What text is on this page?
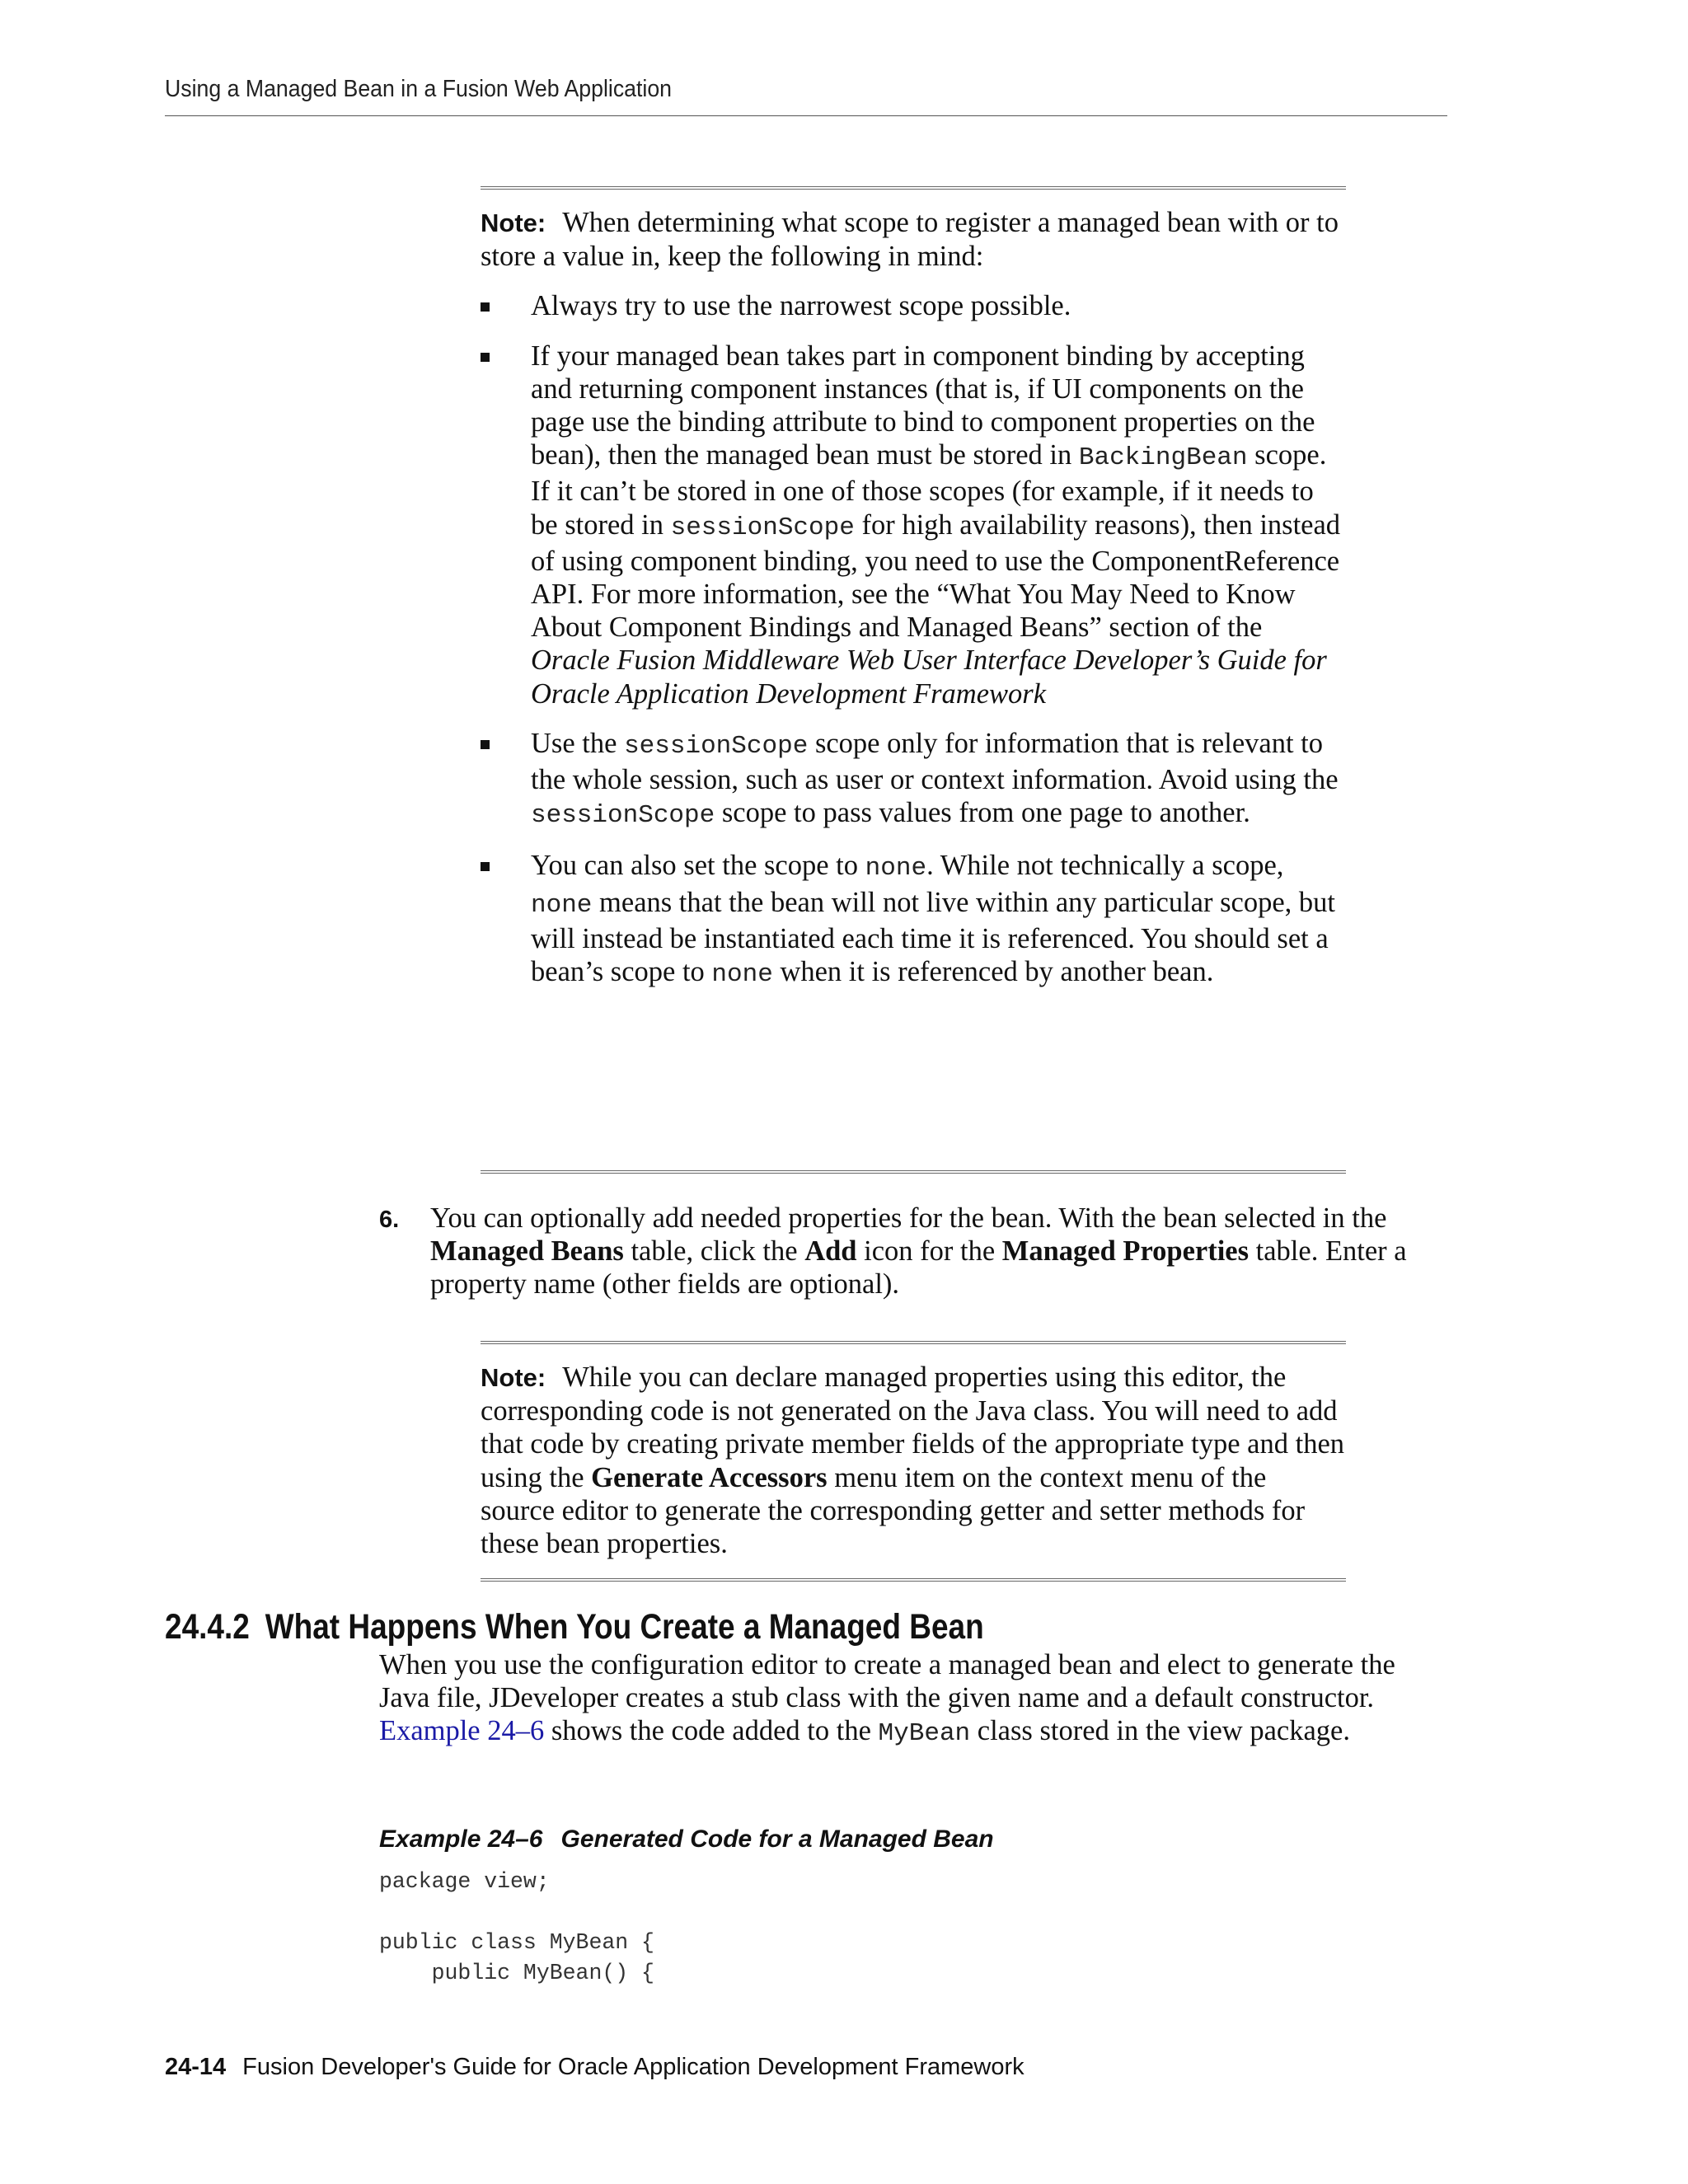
Using a Managed Bean in a Fusion Web Application

Note: When determining what scope to register a managed bean with or to store a value in, keep the following in mind:

Always try to use the narrowest scope possible.
If your managed bean takes part in component binding by accepting and returning component instances (that is, if UI components on the page use the binding attribute to bind to component properties on the bean), then the managed bean must be stored in BackingBean scope. If it can’t be stored in one of those scopes (for example, if it needs to be stored in sessionScope for high availability reasons), then instead of using component binding, you need to use the ComponentReference API. For more information, see the “What You May Need to Know About Component Bindings and Managed Beans” section of the Oracle Fusion Middleware Web User Interface Developer’s Guide for Oracle Application Development Framework
Use the sessionScope scope only for information that is relevant to the whole session, such as user or context information. Avoid using the sessionScope scope to pass values from one page to another.
You can also set the scope to none. While not technically a scope, none means that the bean will not live within any particular scope, but will instead be instantiated each time it is referenced. You should set a bean’s scope to none when it is referenced by another bean.
6. You can optionally add needed properties for the bean. With the bean selected in the Managed Beans table, click the Add icon for the Managed Properties table. Enter a property name (other fields are optional).

Note: While you can declare managed properties using this editor, the corresponding code is not generated on the Java class. You will need to add that code by creating private member fields of the appropriate type and then using the Generate Accessors menu item on the context menu of the source editor to generate the corresponding getter and setter methods for these bean properties.

24.4.2 What Happens When You Create a Managed Bean

When you use the configuration editor to create a managed bean and elect to generate the Java file, JDeveloper creates a stub class with the given name and a default constructor. Example 24–6 shows the code added to the MyBean class stored in the view package.

Example 24–6 Generated Code for a Managed Bean
package view;

public class MyBean {
public MyBean() {
24-14 Fusion Developer's Guide for Oracle Application Development Framework
